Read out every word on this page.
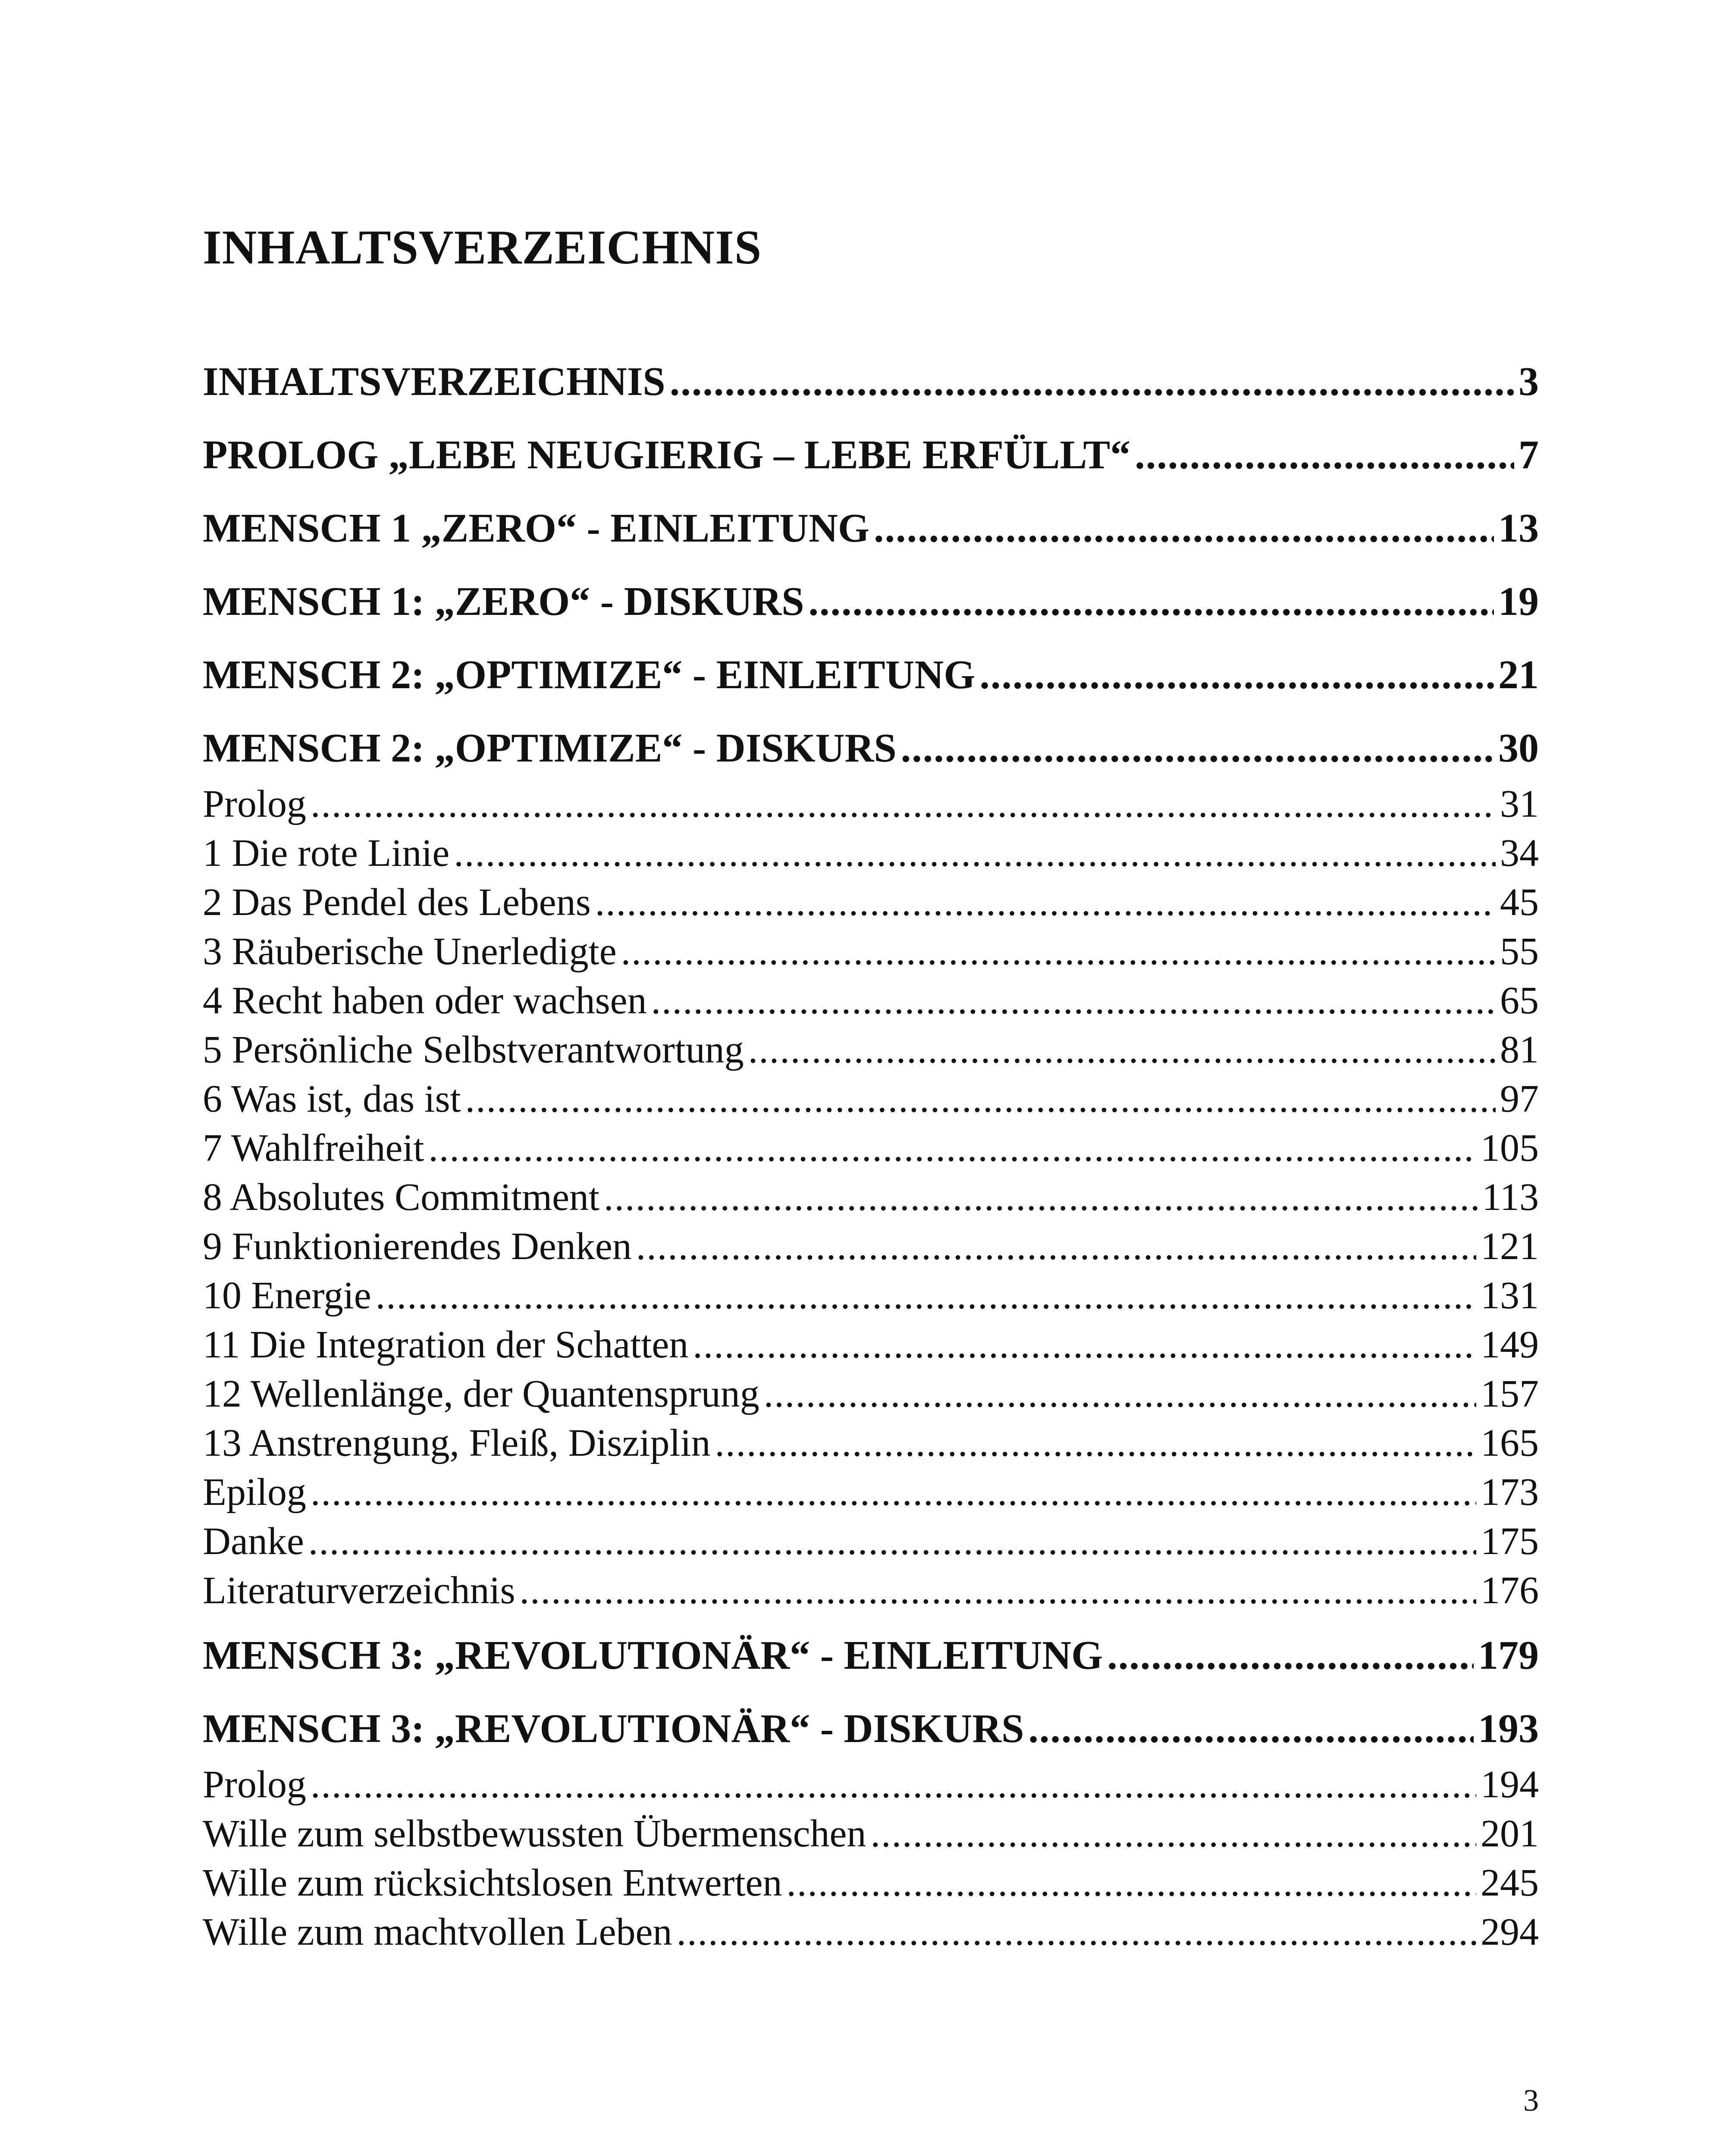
INHALTSVERZEICHNIS
INHALTSVERZEICHNIS .....	3
PROLOG „LEBE NEUGIERIG – LEBE ERFÜLLT“ .....	7
MENSCH 1 „ZERO“ - EINLEITUNG .....	13
MENSCH 1: „ZERO“ - DISKURS .....	19
MENSCH 2: „OPTIMIZE“ - EINLEITUNG .....	21
MENSCH 2: „OPTIMIZE“ - DISKURS .....	30
Prolog .....	31
1 Die rote Linie .....	34
2 Das Pendel des Lebens .....	45
3 Räuberische Unerledigte .....	55
4 Recht haben oder wachsen .....	65
5 Persönliche Selbstverantwortung .....	81
6 Was ist, das ist .....	97
7 Wahlfreiheit .....	105
8 Absolutes Commitment .....	113
9 Funktionierendes Denken .....	121
10 Energie .....	131
11 Die Integration der Schatten .....	149
12 Wellenlänge, der Quantensprung .....	157
13 Anstrengung, Fleiß, Disziplin .....	165
Epilog .....	173
Danke .....	175
Literaturverzeichnis .....	176
MENSCH 3: „REVOLUTIONÄR“ - EINLEITUNG .....	179
MENSCH 3: „REVOLUTIONÄR“ - DISKURS .....	193
Prolog .....	194
Wille zum selbstbewussten Übermenschen .....	201
Wille zum rücksichtslosen Entwerten .....	245
Wille zum machtvollen Leben .....	294
3
